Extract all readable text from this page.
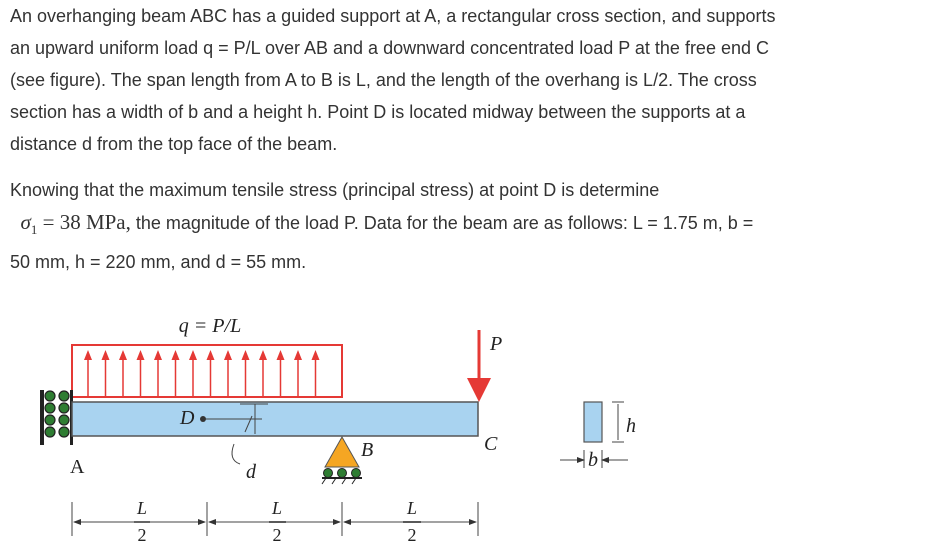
An overhanging beam ABC has a guided support at A, a rectangular cross section, and supports
an upward uniform load q = P/L over AB and a downward concentrated load P at the free end C
(see figure). The span length from A to B is L, and the length of the overhang is L/2. The cross
section has a width of b and a height h. Point D is located midway between the supports at a
distance d from the top face of the beam.

Knowing that the maximum tensile stress (principal stress) at point D is determine
$\sigma_1 = 38$ MPa, the magnitude of the load P. Data for the beam are as follows: L = 1.75 m, b =
50 mm, h = 220 mm, and d = 55 mm.

q = P/L
D
d
A
B
P
C
h
b
L
2
L
2
L
2
